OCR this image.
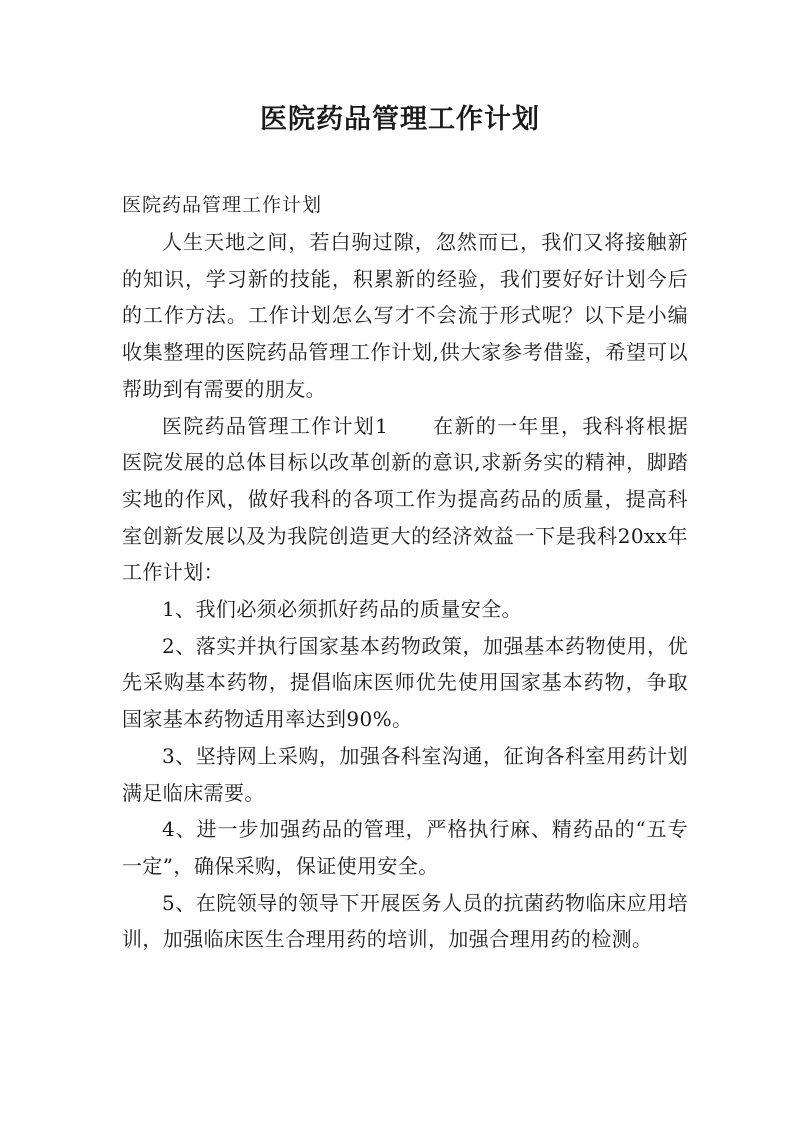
医院药品管理工作计划

医院药品管理工作计划

人生天地之间，若白驹过隙，忽然而已，我们又将接触新的知识，学习新的技能，积累新的经验，我们要好好计划今后的工作方法。工作计划怎么写才不会流于形式呢？以下是小编收集整理的医院药品管理工作计划,供大家参考借鉴，希望可以帮助到有需要的朋友。

医院药品管理工作计划1 在新的一年里，我科将根据医院发展的总体目标以改革创新的意识,求新务实的精神，脚踏实地的作风，做好我科的各项工作为提高药品的质量，提高科室创新发展以及为我院创造更大的经济效益一下是我科20xx年工作计划：

1、我们必须必须抓好药品的质量安全。

2、落实并执行国家基本药物政策，加强基本药物使用，优先采购基本药物，提倡临床医师优先使用国家基本药物，争取国家基本药物适用率达到90%。

3、坚持网上采购，加强各科室沟通，征询各科室用药计划满足临床需要。

4、进一步加强药品的管理，严格执行麻、精药品的“五专一定”，确保采购，保证使用安全。

5、在院领导的领导下开展医务人员的抗菌药物临床应用培训，加强临床医生合理用药的培训，加强合理用药的检测。
